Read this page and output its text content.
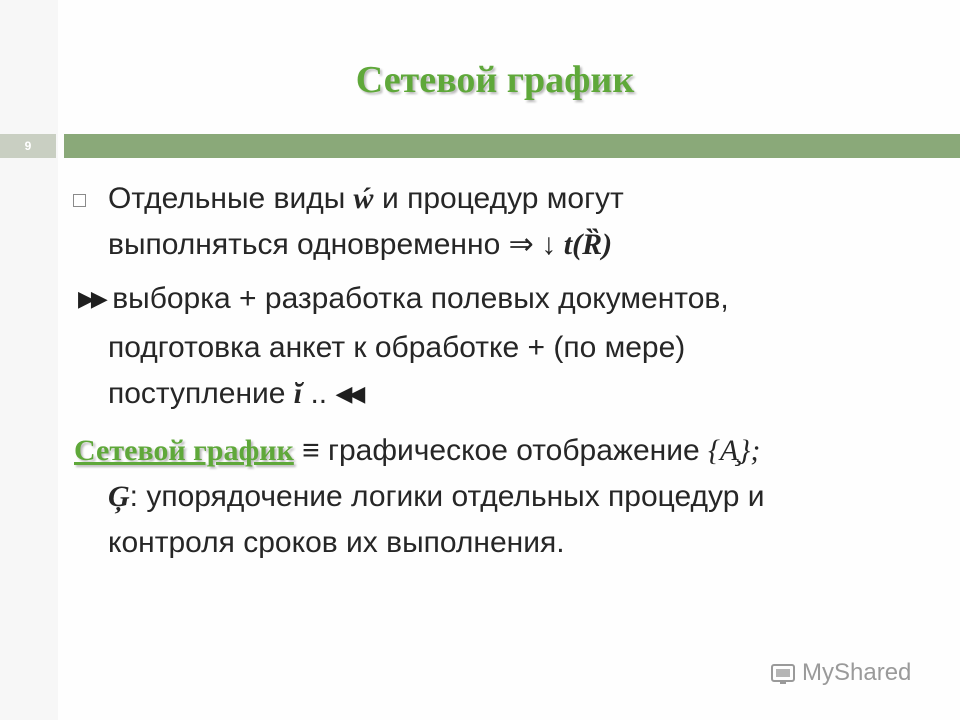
Сетевой график
9
Отдельные виды ẃ и процедур могут
выполняться одновременно ⇒ ↓ t(Ȑ)
▶▶ выборка + разработка полевых документов,
подготовка анкет к обработке + (по мере)
поступление ĭ .. ◀◀
Сетевой график ≡ графическое отображение {A̧};
Ģ: упорядочение логики отдельных процедур и
контроля сроков их выполнения.
MyShared
